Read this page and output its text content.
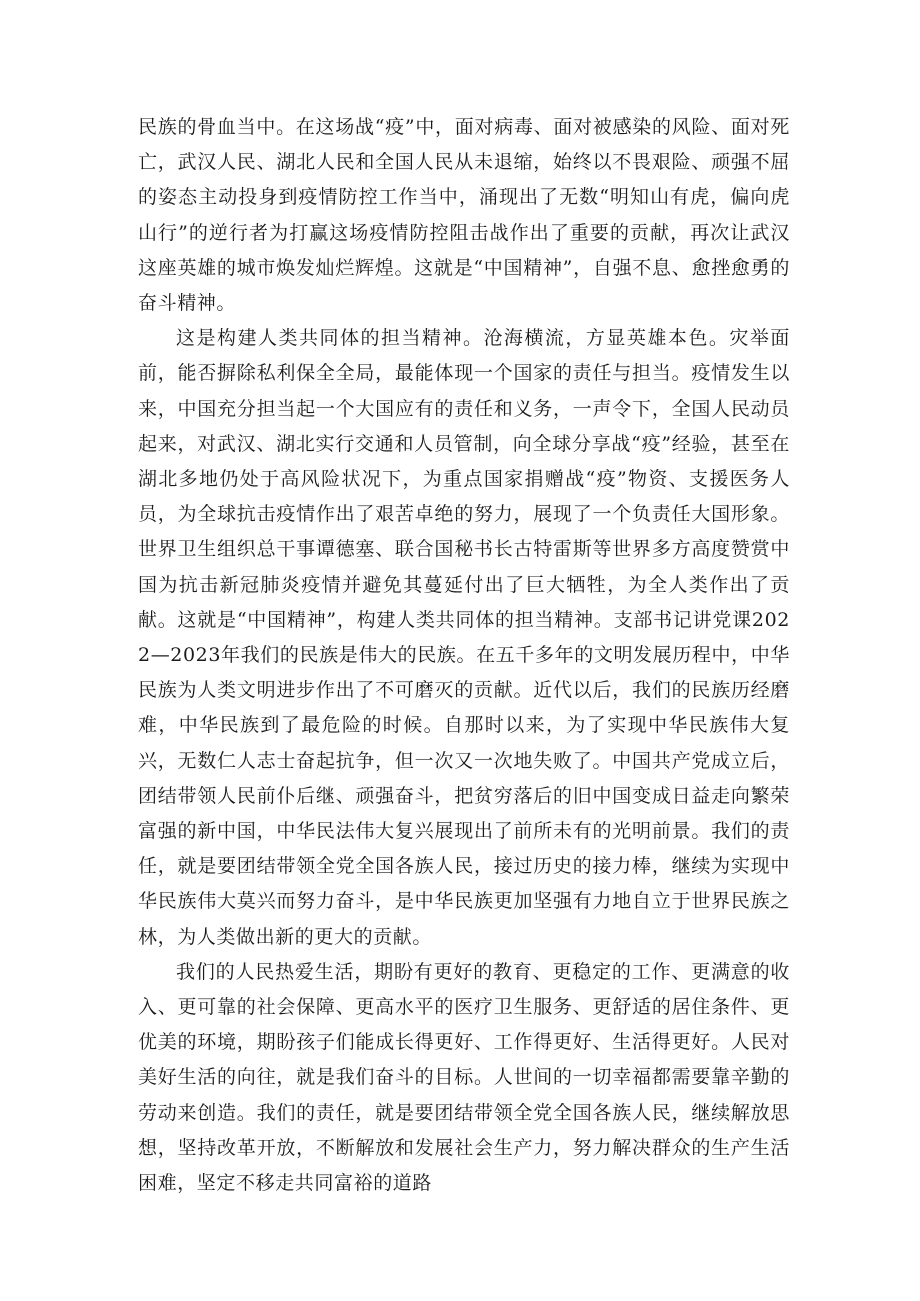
民族的骨血当中。在这场战“疫”中，面对病毒、面对被感染的风险、面对死亡，武汉人民、湖北人民和全国人民从未退缩，始终以不畏艰险、顽强不屈的姿态主动投身到疫情防控工作当中，涌现出了无数“明知山有虎，偏向虎山行”的逆行者为打赢这场疫情防控阻击战作出了重要的贡献，再次让武汉这座英雄的城市焕发灿烂辉煌。这就是“中国精神”，自强不息、愈挫愈勇的奋斗精神。

这是构建人类共同体的担当精神。沧海横流，方显英雄本色。灾举面前，能否摒除私利保全全局，最能体现一个国家的责任与担当。疫情发生以来，中国充分担当起一个大国应有的责任和义务，一声令下，全国人民动员起来，对武汉、湖北实行交通和人员管制，向全球分享战“疫”经验，甚至在湖北多地仍处于高风险状况下，为重点国家捐赠战“疫”物资、支援医务人员，为全球抗击疫情作出了艰苦卓绝的努力，展现了一个负责任大国形象。世界卫生组织总干事谭德塞、联合国秘书长古特雷斯等世界多方高度赞赏中国为抗击新冠肺炎疫情并避免其蔓延付出了巨大牺牲，为全人类作出了贡献。这就是“中国精神”，构建人类共同体的担当精神。支部书记讲党课2022—2023年我们的民族是伟大的民族。在五千多年的文明发展历程中，中华民族为人类文明进步作出了不可磨灭的贡献。近代以后，我们的民族历经磨难，中华民族到了最危险的时候。自那时以来，为了实现中华民族伟大复兴，无数仁人志士奋起抗争，但一次又一次地失败了。中国共产党成立后，团结带领人民前仆后继、顽强奋斗，把贫穷落后的旧中国变成日益走向繁荣富强的新中国，中华民法伟大复兴展现出了前所未有的光明前景。我们的责任，就是要团结带领全党全国各族人民，接过历史的接力棒，继续为实现中华民族伟大莫兴而努力奋斗，是中华民族更加坚强有力地自立于世界民族之林，为人类做出新的更大的贡献。

我们的人民热爱生活，期盼有更好的教育、更稳定的工作、更满意的收入、更可靠的社会保障、更高水平的医疗卫生服务、更舒适的居住条件、更优美的环境，期盼孩子们能成长得更好、工作得更好、生活得更好。人民对美好生活的向往，就是我们奋斗的目标。人世间的一切幸福都需要靠辛勤的劳动来创造。我们的责任，就是要团结带领全党全国各族人民，继续解放思想，坚持改革开放，不断解放和发展社会生产力，努力解决群众的生产生活困难，坚定不移走共同富裕的道路
